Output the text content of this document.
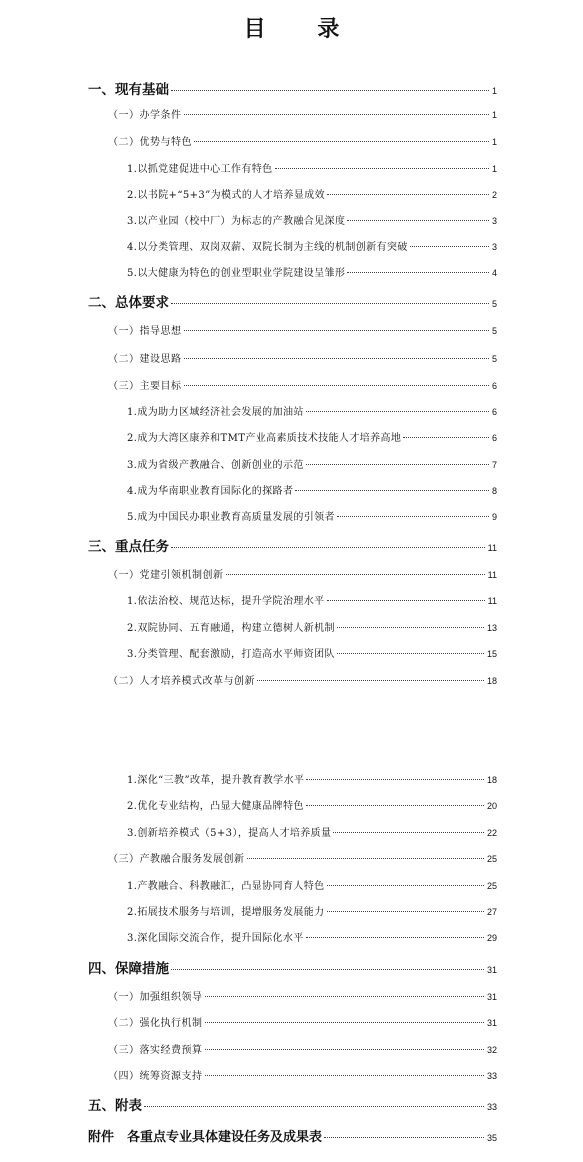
目 录
一、现有基础	1
（一）办学条件	1
（二）优势与特色	1
1.以抓党建促进中心工作有特色	1
2.以书院+“5+3”为模式的人才培养显成效	2
3.以产业园（校中厂）为标志的产教融合见深度	3
4.以分类管理、双岗双薪、双院长制为主线的机制创新有突破	3
5.以大健康为特色的创业型职业学院建设呈雏形	4
二、总体要求	5
（一）指导思想	5
（二）建设思路	5
（三）主要目标	6
1.成为助力区域经济社会发展的加油站	6
2.成为大湾区康养和TMT产业高素质技术技能人才培养高地	6
3.成为省级产教融合、创新创业的示范	7
4.成为华南职业教育国际化的探路者	8
5.成为中国民办职业教育高质量发展的引领者	9
三、重点任务	11
（一）党建引领机制创新	11
1.依法治校、规范达标，提升学院治理水平	11
2.双院协同、五育融通，构建立德树人新机制	13
3.分类管理、配套激励，打造高水平师资团队	15
（二）人才培养模式改革与创新	18
1.深化“三教”改革，提升教育教学水平	18
2.优化专业结构，凸显大健康品牌特色	20
3.创新培养模式（5+3），提高人才培养质量	22
（三）产教融合服务发展创新	25
1.产教融合、科教融汇，凸显协同育人特色	25
2.拓展技术服务与培训，提增服务发展能力	27
3.深化国际交流合作，提升国际化水平	29
四、保障措施	31
（一）加强组织领导	31
（二）强化执行机制	31
（三）落实经费预算	32
（四）统筹资源支持	33
五、附表	33
附件　各重点专业具体建设任务及成果表	35
